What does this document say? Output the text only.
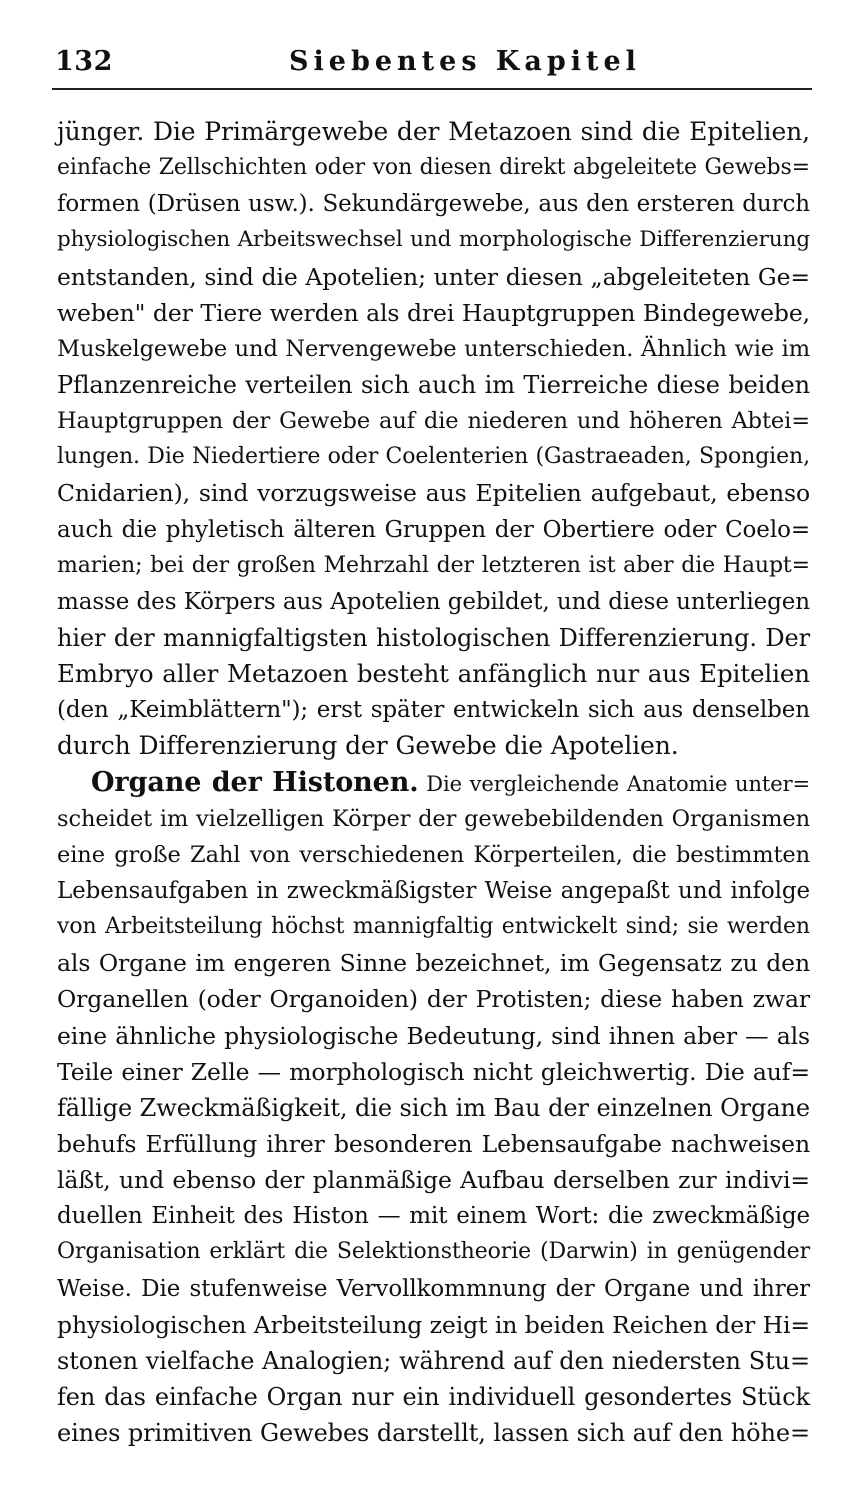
132	Siebentes Kapitel
jünger. Die Primärgewebe der Metazoen sind die Epitelien,
einfache Zellschichten oder von diesen direkt abgeleitete Gewebs=
formen (Drüsen usw.). Sekundärgewebe, aus den ersteren durch
physiologischen Arbeitswechsel und morphologische Differenzierung
entstanden, sind die Apotelien; unter diesen „abgeleiteten Ge=
weben" der Tiere werden als drei Hauptgruppen Bindegewebe,
Muskelgewebe und Nervengewebe unterschieden. Ähnlich wie im
Pflanzenreiche verteilen sich auch im Tierreiche diese beiden
Hauptgruppen der Gewebe auf die niederen und höheren Abtei=
lungen. Die Niedertiere oder Coelenterien (Gastraeaden, Spongien,
Cnidarien), sind vorzugsweise aus Epitelien aufgebaut, ebenso
auch die phyletisch älteren Gruppen der Obertiere oder Coelo=
marien; bei der großen Mehrzahl der letzteren ist aber die Haupt=
masse des Körpers aus Apotelien gebildet, und diese unterliegen
hier der mannigfaltigsten histologischen Differenzierung. Der
Embryo aller Metazoen besteht anfänglich nur aus Epitelien
(den „Keimblättern"); erst später entwickeln sich aus denselben
durch Differenzierung der Gewebe die Apotelien.
Organe der Histonen. Die vergleichende Anatomie unter=
scheidet im vielzelligen Körper der gewebebildenden Organismen
eine große Zahl von verschiedenen Körperteilen, die bestimmten
Lebensaufgaben in zweckmäßigster Weise angepaßt und infolge
von Arbeitsteilung höchst mannigfaltig entwickelt sind; sie werden
als Organe im engeren Sinne bezeichnet, im Gegensatz zu den
Organellen (oder Organoiden) der Protisten; diese haben zwar
eine ähnliche physiologische Bedeutung, sind ihnen aber — als
Teile einer Zelle — morphologisch nicht gleichwertig. Die auf=
fällige Zweckmäßigkeit, die sich im Bau der einzelnen Organe
behufs Erfüllung ihrer besonderen Lebensaufgabe nachweisen
läßt, und ebenso der planmäßige Aufbau derselben zur indivi=
duellen Einheit des Histon — mit einem Wort: die zweckmäßige
Organisation erklärt die Selektionstheorie (Darwin) in genügender
Weise. Die stufenweise Vervollkommnung der Organe und ihrer
physiologischen Arbeitsteilung zeigt in beiden Reichen der Hi=
stonen vielfache Analogien; während auf den niedersten Stu=
fen das einfache Organ nur ein individuell gesondertes Stück
eines primitiven Gewebes darstellt, lassen sich auf den höhe=
